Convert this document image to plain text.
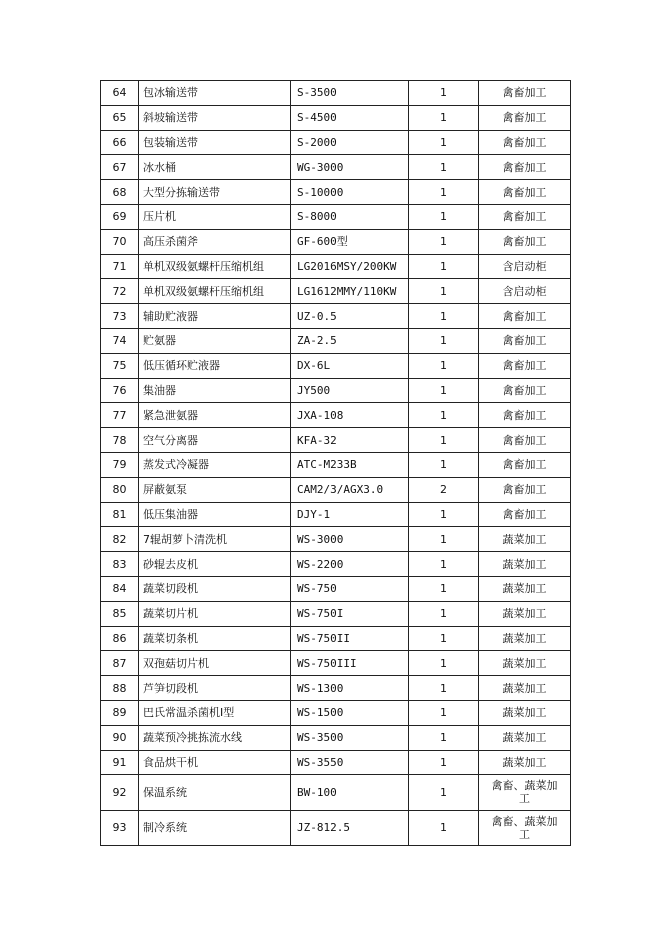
64	包冰输送带	S-3500	1	禽畜加工
65	斜坡输送带	S-4500	1	禽畜加工
66	包装输送带	S-2000	1	禽畜加工
67	冰水桶	WG-3000	1	禽畜加工
68	大型分拣输送带	S-10000	1	禽畜加工
69	压片机	S-8000	1	禽畜加工
70	高压杀菌斧	GF-600型	1	禽畜加工
71	单机双级氨螺杆压缩机组	LG2016MSY/200KW	1	含启动柜
72	单机双级氨螺杆压缩机组	LG1612MMY/110KW	1	含启动柜
73	辅助贮液器	UZ-0.5	1	禽畜加工
74	贮氨器	ZA-2.5	1	禽畜加工
75	低压循环贮液器	DX-6L	1	禽畜加工
76	集油器	JY500	1	禽畜加工
77	紧急泄氨器	JXA-108	1	禽畜加工
78	空气分离器	KFA-32	1	禽畜加工
79	蒸发式冷凝器	ATC-M233B	1	禽畜加工
80	屏蔽氨泵	CAM2/3/AGX3.0	2	禽畜加工
81	低压集油器	DJY-1	1	禽畜加工
82	7辊胡萝卜清洗机	WS-3000	1	蔬菜加工
83	砂辊去皮机	WS-2200	1	蔬菜加工
84	蔬菜切段机	WS-750	1	蔬菜加工
85	蔬菜切片机	WS-750I	1	蔬菜加工
86	蔬菜切条机	WS-750II	1	蔬菜加工
87	双孢菇切片机	WS-750III	1	蔬菜加工
88	芦笋切段机	WS-1300	1	蔬菜加工
89	巴氏常温杀菌机Ⅰ型	WS-1500	1	蔬菜加工
90	蔬菜预冷挑拣流水线	WS-3500	1	蔬菜加工
91	食品烘干机	WS-3550	1	蔬菜加工
92	保温系统	BW-100	1	禽畜、蔬菜加工
93	制冷系统	JZ-812.5	1	禽畜、蔬菜加工
